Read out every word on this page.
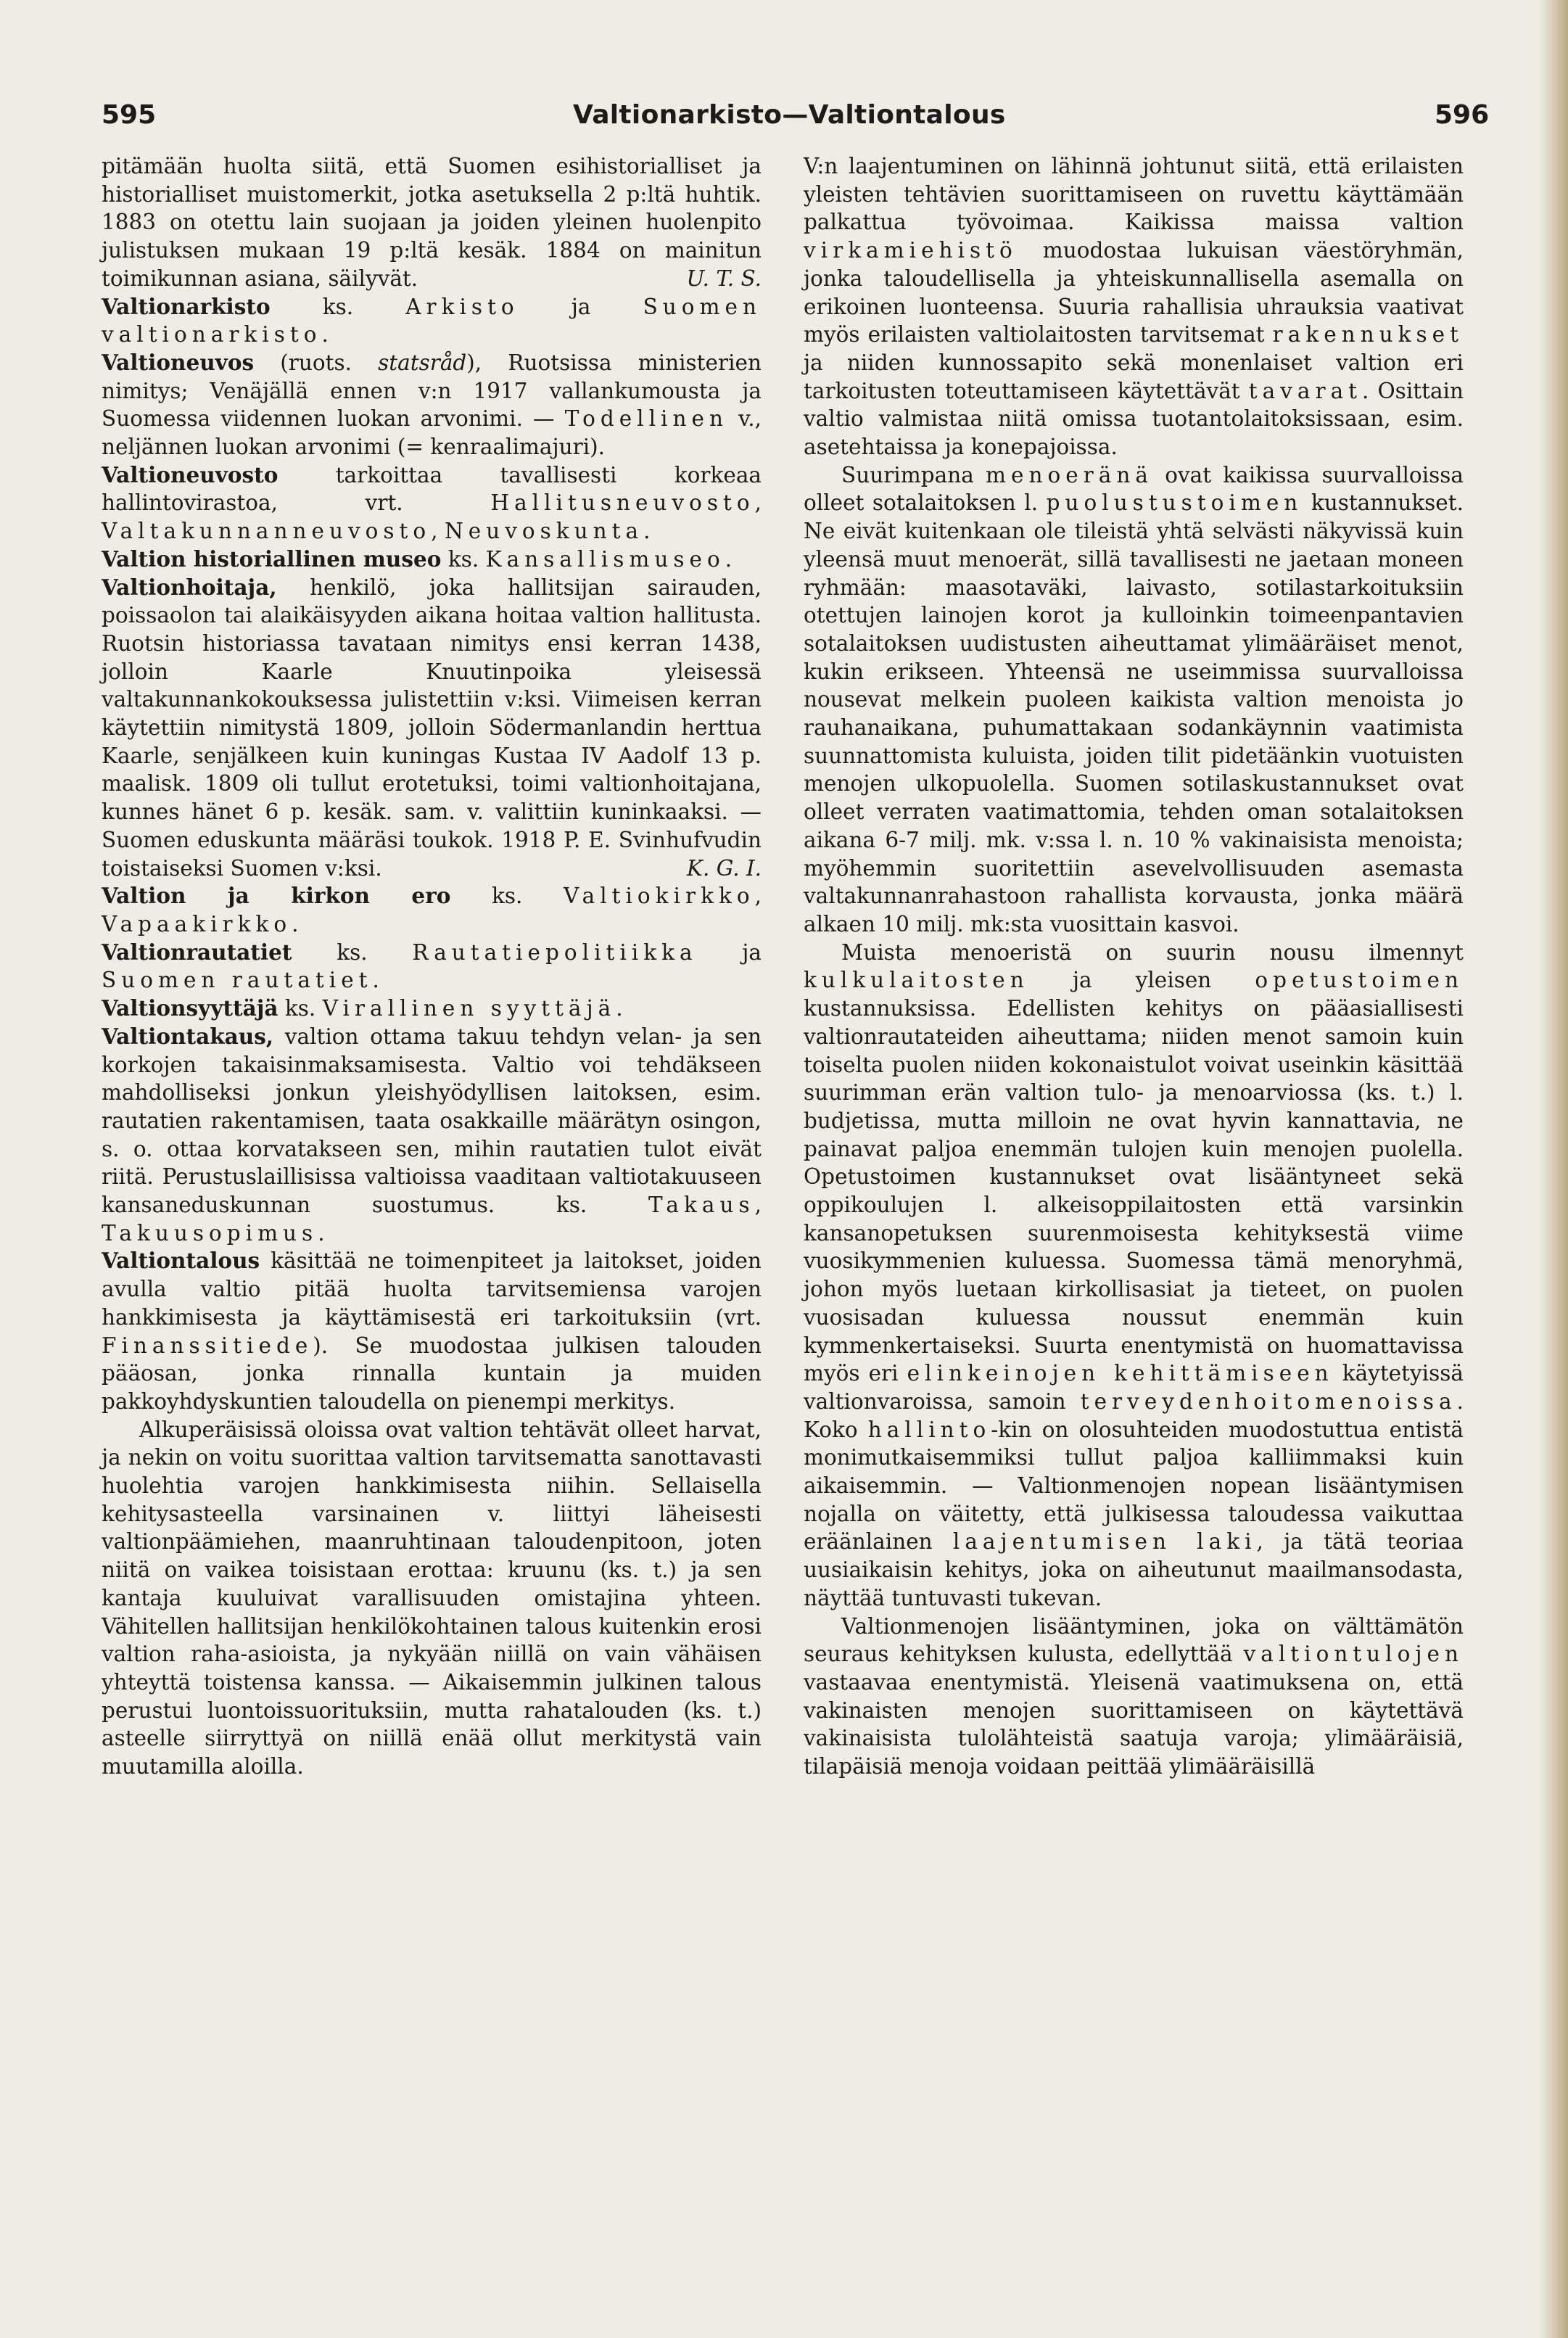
595	Valtionarkisto—Valtiontalous	596

pitämään huolta siitä, että Suomen esihistorialliset ja historialliset muistomerkit, jotka asetuksella 2 p:ltä huhtik. 1883 on otettu lain suojaan ja joiden yleinen huolenpito julistuksen mukaan 19 p:ltä kesäk. 1884 on mainitun toimikunnan asiana, säilyvät.	U. T. S.

Valtionarkisto ks. Arkisto ja Suomen valtionarkisto.

Valtioneuvos (ruots. statsråd), Ruotsissa ministerien nimitys; Venäjällä ennen v:n 1917 vallankumousta ja Suomessa viidennen luokan arvonimi. — Todellinen v., neljännen luokan arvonimi (= kenraalimajuri).

Valtioneuvosto	tarkoittaa tavallisesti korkeaa hallintovirastoa, vrt.	Hallitusneuvosto, Valtakunnanneuvosto, Neuvoskunta.

Valtion historiallinen museo ks. Kansallismuseo.

Valtionhoitaja, henkilö, joka hallitsijan sairauden, poissaolon tai alaikäisyyden aikana hoitaa valtion hallitusta. Ruotsin historiassa tavataan nimitys ensi kerran 1438, jolloin Kaarle Knuutinpoika yleisessä valtakunnankokouksessa julistettiin v:ksi. Viimeisen kerran käytettiin nimitystä 1809, jolloin Södermanlandin herttua Kaarle, senjälkeen kuin kuningas Kustaa IV Aadolf 13 p. maalisk. 1809 oli tullut erotetuksi, toimi valtionhoitajana, kunnes hänet 6 p. kesäk. sam. v. valittiin kuninkaaksi. — Suomen eduskunta määräsi toukok. 1918 P. E. Svinhufvudin toistaiseksi Suomen v:ksi.	K. G. I.

Valtion ja kirkon ero ks. Valtiokirkko, Vapaakirkko.

Valtionrautatiet ks. Rautatiepolitiikka ja Suomen rautatiet.

Valtionsyyttäjä ks. Virallinen syyttäjä.

Valtiontakaus, valtion ottama takuu tehdyn velan- ja sen korkojen takaisinmaksamisesta. Valtio voi tehdäkseen mahdolliseksi jonkun yleishyödyllisen laitoksen, esim. rautatien rakentamisen, taata osakkaille määrätyn osingon, s. o. ottaa korvatakseen sen, mihin rautatien tulot eivät riitä. Perustuslaillisissa valtioissa vaaditaan valtiotakuuseen kansaneduskunnan suostumus. ks.	Takaus, Takuusopimus.

Valtiontalous käsittää ne toimenpiteet ja laitokset, joiden avulla valtio pitää huolta tarvitsemiensa varojen hankkimisesta ja käyttämisestä eri tarkoituksiin (vrt. Finanssitiede). Se muodostaa julkisen talouden pääosan, jonka rinnalla kuntain ja muiden pakkoyhdyskuntien taloudella on pienempi merkitys.

Alkuperäisissä oloissa ovat valtion tehtävät olleet harvat, ja nekin on voitu suorittaa valtion tarvitsematta sanottavasti huolehtia varojen hankkimisesta niihin. Sellaisella kehitysasteella varsinainen v. liittyi läheisesti valtionpäämiehen, maanruhtinaan taloudenpitoon, joten niitä on vaikea toisistaan erottaa: kruunu (ks. t.) ja sen kantaja kuuluivat varallisuuden omistajina yhteen. Vähitellen hallitsijan henkilökohtainen talous kuitenkin erosi valtion raha-asioista, ja nykyään niillä on vain vähäisen yhteyttä toistensa kanssa. — Aikaisemmin julkinen talous perustui luontoissuorituksiin, mutta rahatalouden (ks. t.) asteelle siirryttyä on niillä enää ollut merkitystä vain muutamilla aloilla.

V:n laajentuminen on lähinnä johtunut siitä, että erilaisten yleisten tehtävien suorittamiseen on ruvettu käyttämään palkattua työvoimaa. Kaikissa maissa valtion virkamiehistö muodostaa lukuisan väestöryhmän, jonka taloudellisella ja yhteiskunnallisella asemalla on erikoinen luonteensa. Suuria rahallisia uhrauksia vaativat myös erilaisten valtiolaitosten tarvitsemat rakennukset ja niiden kunnossapito sekä monenlaiset valtion eri tarkoitusten toteuttamiseen käytettävät tavarat. Osittain valtio valmistaa niitä omissa tuotantolaitoksissaan, esim. asetehtaissa ja konepajoissa.

Suurimpana menoeränä ovat kaikissa suurvalloissa olleet sotalaitoksen l. puolustustoimen kustannukset. Ne eivät kuitenkaan ole tileistä yhtä selvästi näkyvissä kuin yleensä muut menoerät, sillä tavallisesti ne jaetaan moneen ryhmään: maasotaväki, laivasto, sotilastarkoituksiin otettujen lainojen korot ja kulloinkin toimeenpantavien sotalaitoksen uudistusten aiheuttamat ylimääräiset menot, kukin erikseen. Yhteensä ne useimmissa suurvalloissa nousevat melkein puoleen kaikista valtion menoista jo rauhanaikana, puhumattakaan sodankäynnin vaatimista suunnattomista kuluista, joiden tilit pidetäänkin vuotuisten menojen ulkopuolella. Suomen sotilaskustannukset ovat olleet verraten vaatimattomia, tehden oman sotalaitoksen aikana 6-7 milj. mk. v:ssa l. n. 10 % vakinaisista menoista; myöhemmin suoritettiin asevelvollisuuden asemasta valtakunnanrahastoon rahallista korvausta, jonka määrä alkaen 10 milj. mk:sta vuosittain kasvoi.

Muista menoeristä on suurin nousu ilmennyt kulkulaitosten ja yleisen opetustoimen kustannuksissa. Edellisten kehitys on pääasiallisesti valtionrautateiden aiheuttama; niiden menot samoin kuin toiselta puolen niiden kokonaistulot voivat useinkin käsittää suurimman erän valtion tulo- ja menoarviossa (ks. t.) l. budjetissa, mutta milloin ne ovat hyvin kannattavia, ne painavat paljoa enemmän tulojen kuin menojen puolella. Opetustoimen kustannukset ovat lisääntyneet sekä oppikoulujen l. alkeisoppilaitosten että varsinkin kansanopetuksen suurenmoisesta kehityksestä viime vuosikymmenien kuluessa. Suomessa tämä menoryhmä, johon myös luetaan kirkollisasiat ja tieteet, on puolen vuosisadan kuluessa noussut enemmän kuin kymmenkertaiseksi. Suurta enentymistä on huomattavissa myös eri elinkeinojen kehittämiseen käytetyissä valtionvaroissa, samoin terveydenhoitomenoissa. Koko hallinto-kin on olosuhteiden muodostuttua entistä monimutkaisemmiksi tullut paljoa kalliimmaksi kuin aikaisemmin. — Valtionmenojen nopean lisääntymisen nojalla on väitetty, että julkisessa taloudessa vaikuttaa eräänlainen laajentumisen laki, ja tätä teoriaa uusiaikaisin kehitys, joka on aiheutunut maailmansodasta, näyttää tuntuvasti tukevan.

Valtionmenojen lisääntyminen, joka on välttämätön seuraus kehityksen kulusta, edellyttää valtiontulojen vastaavaa enentymistä. Yleisenä vaatimuksena on, että vakinaisten menojen suorittamiseen on käytettävä vakinaisista tulolähteistä saatuja varoja; ylimääräisiä, tilapäisiä menoja voidaan peittää ylimääräisillä
